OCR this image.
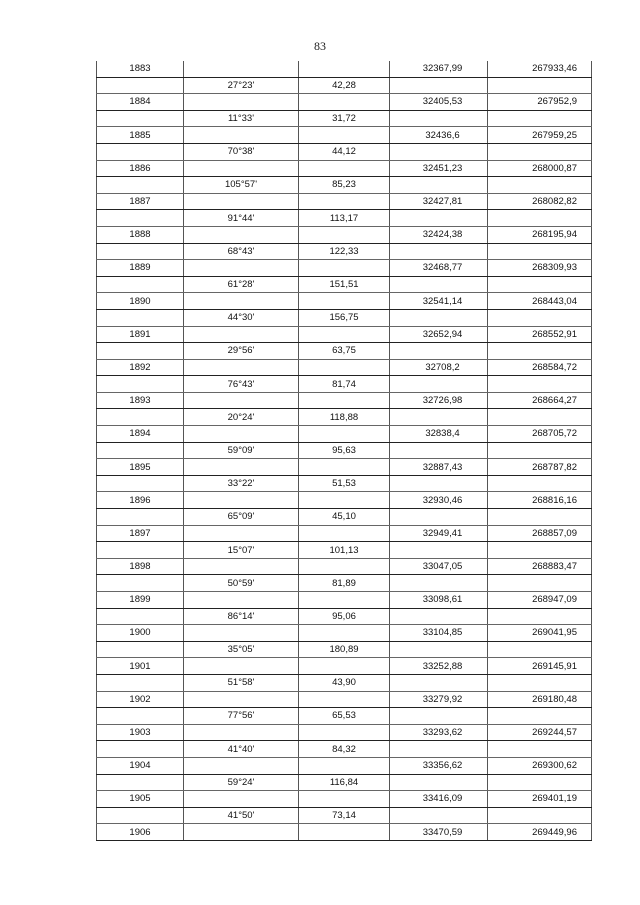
83
1883			32367,99	267933,46
	27°23'	42,28		
1884			32405,53	267952,9
	11°33'	31,72		
1885			32436,6	267959,25
	70°38'	44,12		
1886			32451,23	268000,87
	105°57'	85,23		
1887			32427,81	268082,82
	91°44'	113,17		
1888			32424,38	268195,94
	68°43'	122,33		
1889			32468,77	268309,93
	61°28'	151,51		
1890			32541,14	268443,04
	44°30'	156,75		
1891			32652,94	268552,91
	29°56'	63,75		
1892			32708,2	268584,72
	76°43'	81,74		
1893			32726,98	268664,27
	20°24'	118,88		
1894			32838,4	268705,72
	59°09'	95,63		
1895			32887,43	268787,82
	33°22'	51,53		
1896			32930,46	268816,16
	65°09'	45,10		
1897			32949,41	268857,09
	15°07'	101,13		
1898			33047,05	268883,47
	50°59'	81,89		
1899			33098,61	268947,09
	86°14'	95,06		
1900			33104,85	269041,95
	35°05'	180,89		
1901			33252,88	269145,91
	51°58'	43,90		
1902			33279,92	269180,48
	77°56'	65,53		
1903			33293,62	269244,57
	41°40'	84,32		
1904			33356,62	269300,62
	59°24'	116,84		
1905			33416,09	269401,19
	41°50'	73,14		
1906			33470,59	269449,96
